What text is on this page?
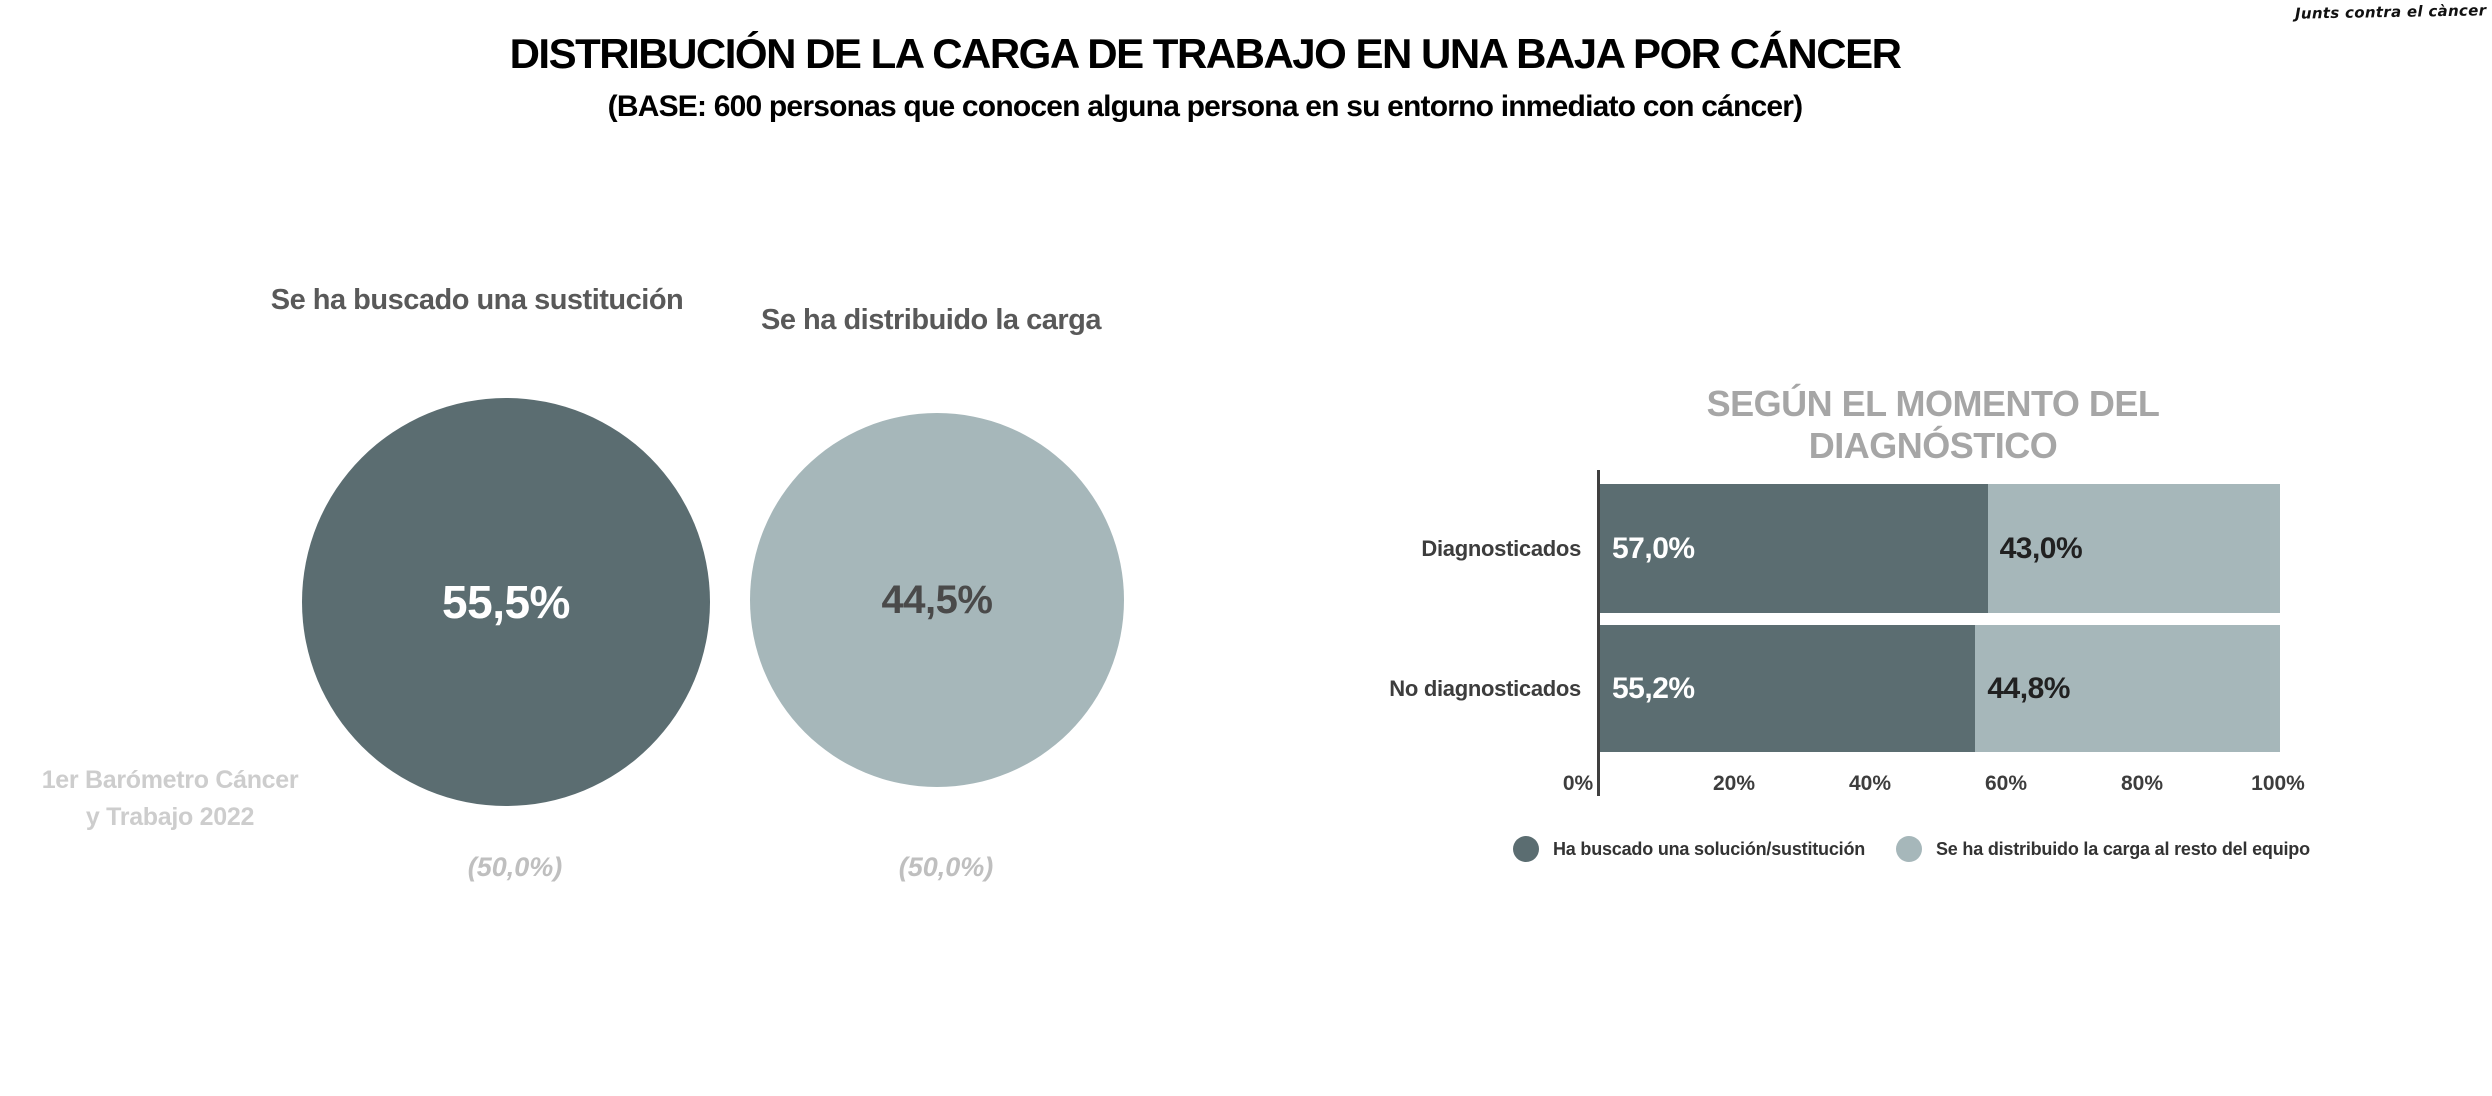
Junts contra el càncer
DISTRIBUCIÓN DE LA CARGA DE TRABAJO EN UNA BAJA POR CÁNCER
(BASE: 600 personas que conocen alguna persona en su entorno inmediato con cáncer)
Se ha buscado una sustitución
Se ha distribuido la carga
55,5%	44,5%
(50,0%)	(50,0%)
1er Barómetro Cáncer
y Trabajo 2022
SEGÚN EL MOMENTO DEL DIAGNÓSTICO
57,0%	43,0%
Diagnosticados
55,2%	44,8%
No diagnosticados
0%	20%	40%	60%	80%	100%
Ha buscado una solución/sustitución	Se ha distribuido la carga al resto del equipo
